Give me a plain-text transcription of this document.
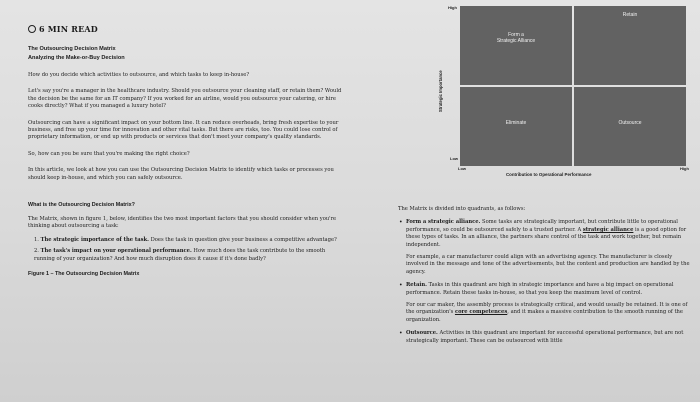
6 MIN READ
The Outsourcing Decision Matrix
Analyzing the Make-or-Buy Decision

How do you decide which activities to outsource, and which tasks to keep in-house?

Let's say you're a manager in the healthcare industry. Should you outsource your cleaning staff, or retain them? Would the decision be the same for an IT company? If you worked for an airline, would you outsource your catering, or hire cooks directly? What if you managed a luxury hotel?

Outsourcing can have a significant impact on your bottom line. It can reduce overheads, bring fresh expertise to your business, and free up your time for innovation and other vital tasks. But there are risks, too. You could lose control of proprietary information, or end up with products or services that don't meet your company's quality standards.

So, how can you be sure that you're making the right choice?

In this article, we look at how you can use the Outsourcing Decision Matrix to identify which tasks or processes you should keep in-house, and which you can safely outsource.

What is the Outsourcing Decision Matrix?

The Matrix, shown in figure 1, below, identifies the two most important factors that you should consider when you're thinking about outsourcing a task:

1. The strategic importance of the task. Does the task in question give your business a competitive advantage?
2. The task's impact on your operational performance. How much does the task contribute to the smooth running of your organization? And how much disruption does it cause if it's done badly?
Figure 1 – The Outsourcing Decision Matrix
High
Strategic Importance
Form a
Strategic Alliance
Retain
Eliminate	Outsource
Low
Low	High
Contribution to Operational Performance

The Matrix is divided into quadrants, as follows:

• Form a strategic alliance. Some tasks are strategically important, but contribute little to operational performance, so could be outsourced safely to a trusted partner. A strategic alliance is a good option for these types of tasks. In an alliance, the partners share control of the task and work together, but remain independent.

For example, a car manufacturer could align with an advertising agency. The manufacturer is closely involved in the message and tone of the advertisements, but the content and production are handled by the agency.

• Retain. Tasks in this quadrant are high in strategic importance and have a big impact on operational performance. Retain these tasks in-house, so that you keep the maximum level of control.

For our car maker, the assembly process is strategically critical, and would usually be retained. It is one of the organization's core competences, and it makes a massive contribution to the smooth running of the organization.

• Outsource. Activities in this quadrant are important for successful operational performance, but are not strategically important. These can be outsourced with little
